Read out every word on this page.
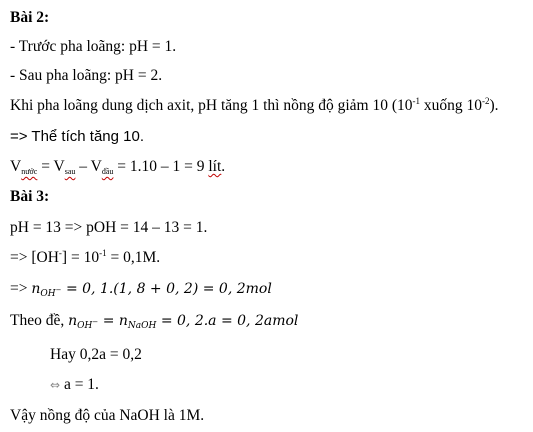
Bài 2:
- Trước pha loãng: pH = 1.
- Sau pha loãng: pH = 2.
Khi pha loãng dung dịch axit, pH tăng 1 thì nồng độ giảm 10 ($10^{-1}$ xuống $10^{-2}$).
=> Thể tích tăng 10.
$V_{nước} = V_{sau} - V_{đầu} = 1.10 - 1 = 9$ lít.
Bài 3:
pH = 13 => pOH = 14 – 13 = 1.
=> $[OH^-] = 10^{-1} = 0,1M$.
=> $n_{OH^-} = 0$, 1.(1, 8 + 0, 2) = 0, 2mol
Theo đề, $n_{OH^-} = n_{NaOH} = 0$, 2.a = 0, 2amol
Hay 0,2a = 0,2
⇔ a = 1.
Vậy nồng độ của NaOH là 1M.
